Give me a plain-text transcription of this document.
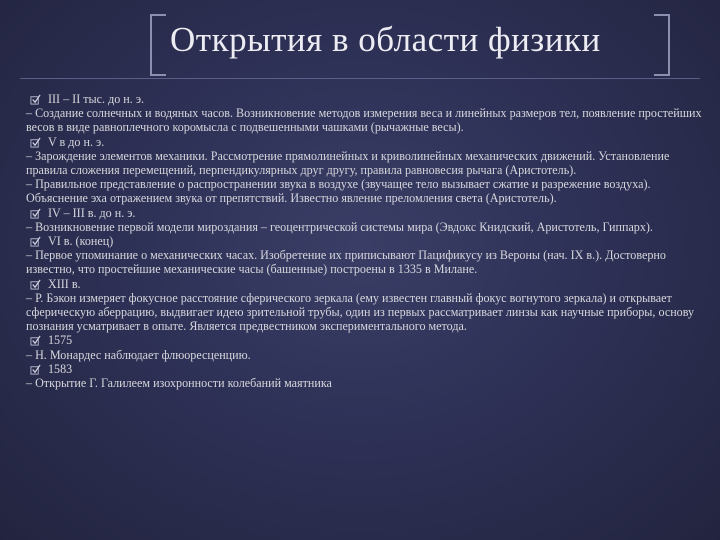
Открытия в области физики
III – II тыс. до н. э.

– Создание солнечных и водяных часов. Возникновение методов измерения веса и линейных размеров тел, появление простейших весов в виде равноплечного коромысла с подвешенными чашками (рычажные весы).

V в до н. э.

– Зарождение элементов механики. Рассмотрение прямолинейных и криволинейных механических движений. Установление правила сложения перемещений, перпендикулярных друг другу, правила равновесия рычага (Аристотель).

– Правильное представление о распространении звука в воздухе (звучащее тело вызывает сжатие и разрежение воздуха). Объяснение эха отражением звука от препятствий. Известно явление преломления света (Аристотель).

IV – III в. до н. э.

– Возникновение первой модели мироздания – геоцентрической системы мира (Эвдокс Книдский, Аристотель, Гиппарх).

VI в. (конец)

– Первое упоминание о механических часах. Изобретение их приписывают Пацификусу из Вероны (нач. IX в.). Достоверно известно, что простейшие механические часы (башенные) построены в 1335 в Милане.

XIII в.

– Р. Бэкон измеряет фокусное расстояние сферического зеркала (ему известен главный фокус вогнутого зеркала) и открывает сферическую аберрацию, выдвигает идею зрительной трубы, один из первых рассматривает линзы как научные приборы, основу познания усматривает в опыте. Является предвестником экспериментального метода.

1575

– Н. Монардес наблюдает флюоресценцию.

1583

– Открытие Г. Галилеем изохронности колебаний маятника
